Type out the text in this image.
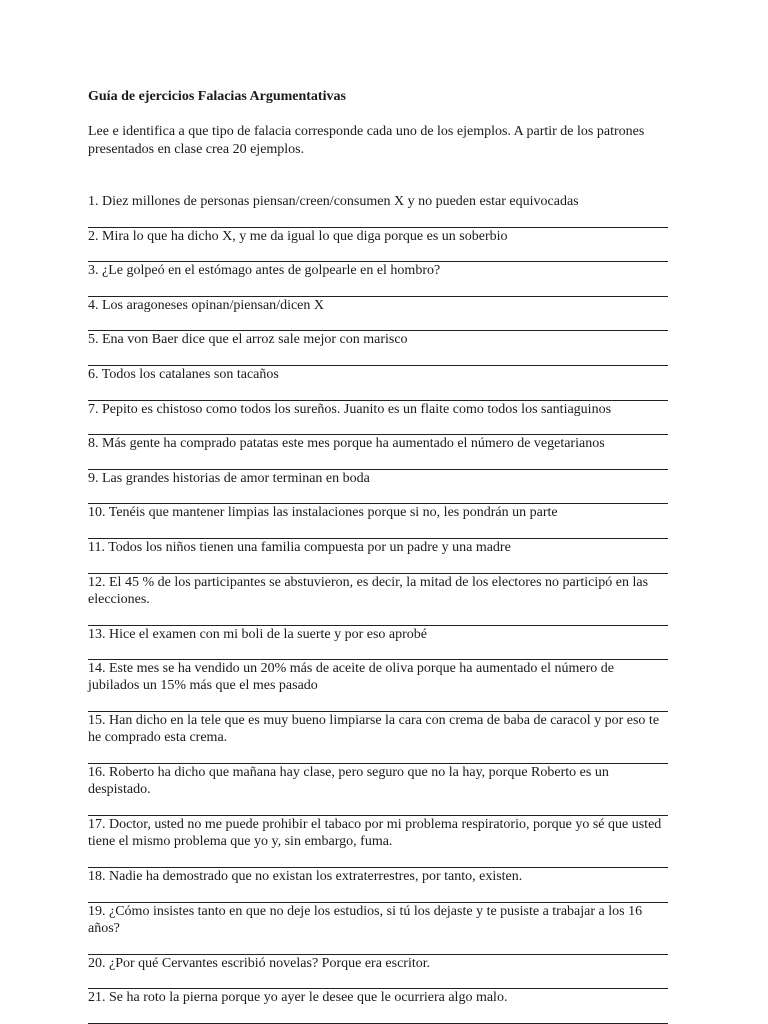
Guía de ejercicios Falacias Argumentativas
Lee e identifica a que tipo de falacia corresponde cada uno de los ejemplos. A partir de los patrones presentados en clase crea 20 ejemplos.
1. Diez millones de personas piensan/creen/consumen X y no pueden estar equivocadas
2. Mira lo que ha dicho X, y me da igual lo que diga porque es un soberbio
3. ¿Le golpeó en el estómago antes de golpearle en el hombro?
4. Los aragoneses opinan/piensan/dicen X
5. Ena von Baer dice que el arroz sale mejor con marisco
6. Todos los catalanes son tacaños
7. Pepito es chistoso como todos los sureños. Juanito es un flaite como todos los santiaguinos
8. Más gente ha comprado patatas este mes porque ha aumentado el número de vegetarianos
9. Las grandes historias de amor terminan en boda
10. Tenéis que mantener limpias las instalaciones porque si no, les pondrán un parte
11. Todos los niños tienen una familia compuesta por un padre y una madre
12. El 45 % de los participantes se abstuvieron, es decir, la mitad de los electores no participó en las elecciones.
13. Hice el examen con mi boli de la suerte y por eso aprobé
14. Este mes se ha vendido un 20% más de aceite de oliva porque ha aumentado el número de jubilados un 15% más que el mes pasado
15. Han dicho en la tele que es muy bueno limpiarse la cara con crema de baba de caracol y por eso te he comprado esta crema.
16. Roberto ha dicho que mañana hay clase, pero seguro que no la hay, porque Roberto es un despistado.
17. Doctor, usted no me puede prohibir el tabaco por mi problema respiratorio, porque yo sé que usted tiene el mismo problema que yo y, sin embargo, fuma.
18. Nadie ha demostrado que no existan los extraterrestres, por tanto, existen.
19. ¿Cómo insistes tanto en que no deje los estudios, si tú los dejaste y te pusiste a trabajar a los 16 años?
20. ¿Por qué Cervantes escribió novelas? Porque era escritor.
21. Se ha roto la pierna porque yo ayer le desee que le ocurriera algo malo.
